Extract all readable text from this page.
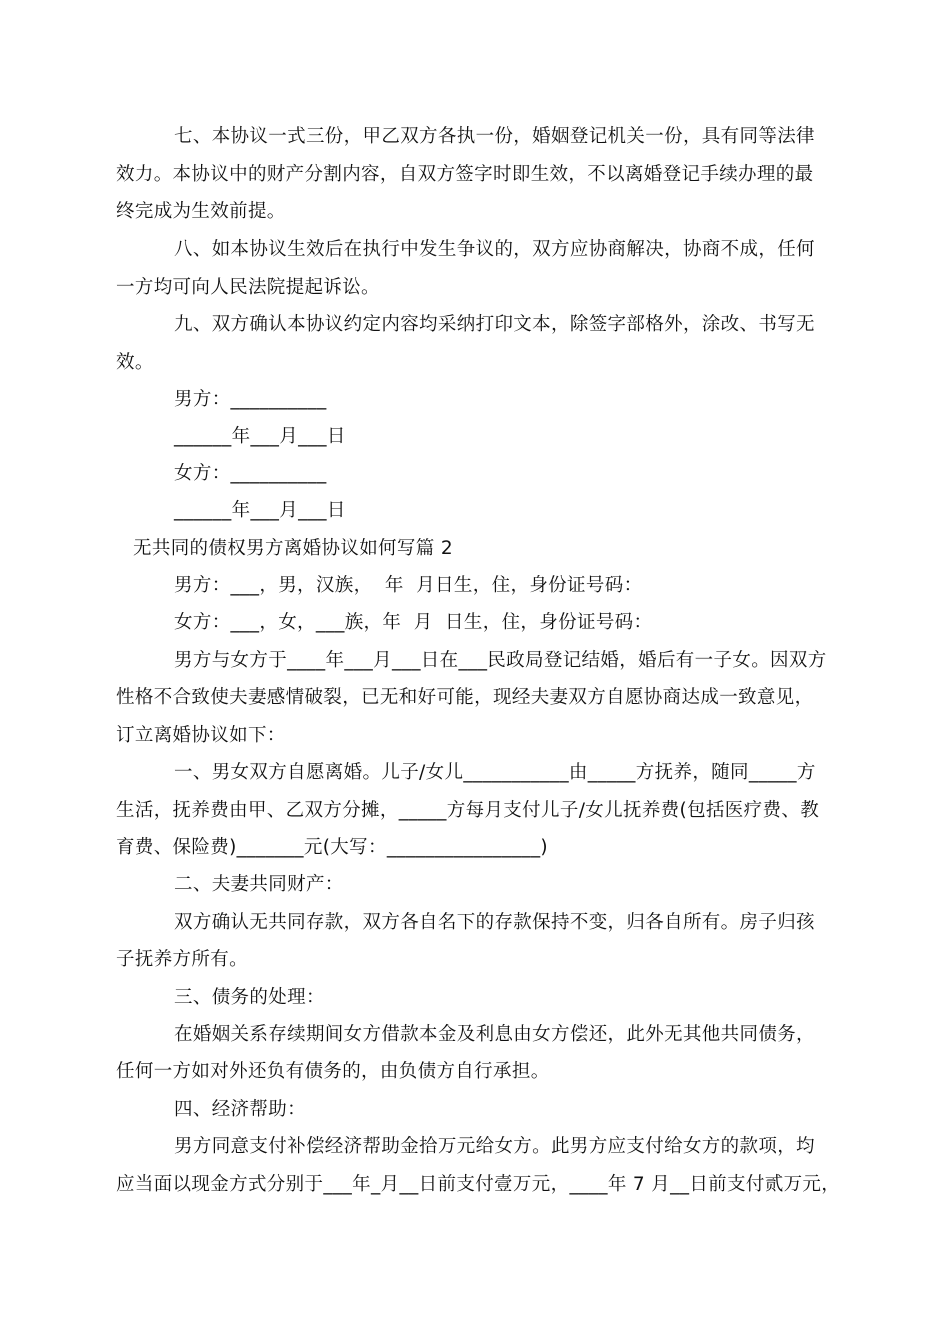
七、本协议一式三份，甲乙双方各执一份，婚姻登记机关一份，具有同等法律
效力。本协议中的财产分割内容，自双方签字时即生效，不以离婚登记手续办理的最
终完成为生效前提。
八、如本协议生效后在执行中发生争议的，双方应协商解决，协商不成，任何
一方均可向人民法院提起诉讼。
九、双方确认本协议约定内容均采纳打印文本，除签字部格外，涂改、书写无
效。
男方：__________
______年___月___日
女方：__________
______年___月___日
无共同的债权男方离婚协议如何写篇 2
男方：___，男，汉族，  年  月日生，住，身份证号码：
女方：___，女，___族，年  月  日生，住，身份证号码：
男方与女方于____年___月___日在___民政局登记结婚，婚后有一子女。因双方
性格不合致使夫妻感情破裂，已无和好可能，现经夫妻双方自愿协商达成一致意见，
订立离婚协议如下：
一、男女双方自愿离婚。儿子/女儿___________由_____方抚养，随同_____方
生活，抚养费由甲、乙双方分摊，_____方每月支付儿子/女儿抚养费(包括医疗费、教
育费、保险费)_______元(大写：________________)
二、夫妻共同财产：
双方确认无共同存款，双方各自名下的存款保持不变，归各自所有。房子归孩
子抚养方所有。
三、债务的处理：
在婚姻关系存续期间女方借款本金及利息由女方偿还，此外无其他共同债务，
任何一方如对外还负有债务的，由负债方自行承担。
四、经济帮助：
男方同意支付补偿经济帮助金拾万元给女方。此男方应支付给女方的款项，均
应当面以现金方式分别于___年_月__日前支付壹万元，____年 7 月__日前支付贰万元，
